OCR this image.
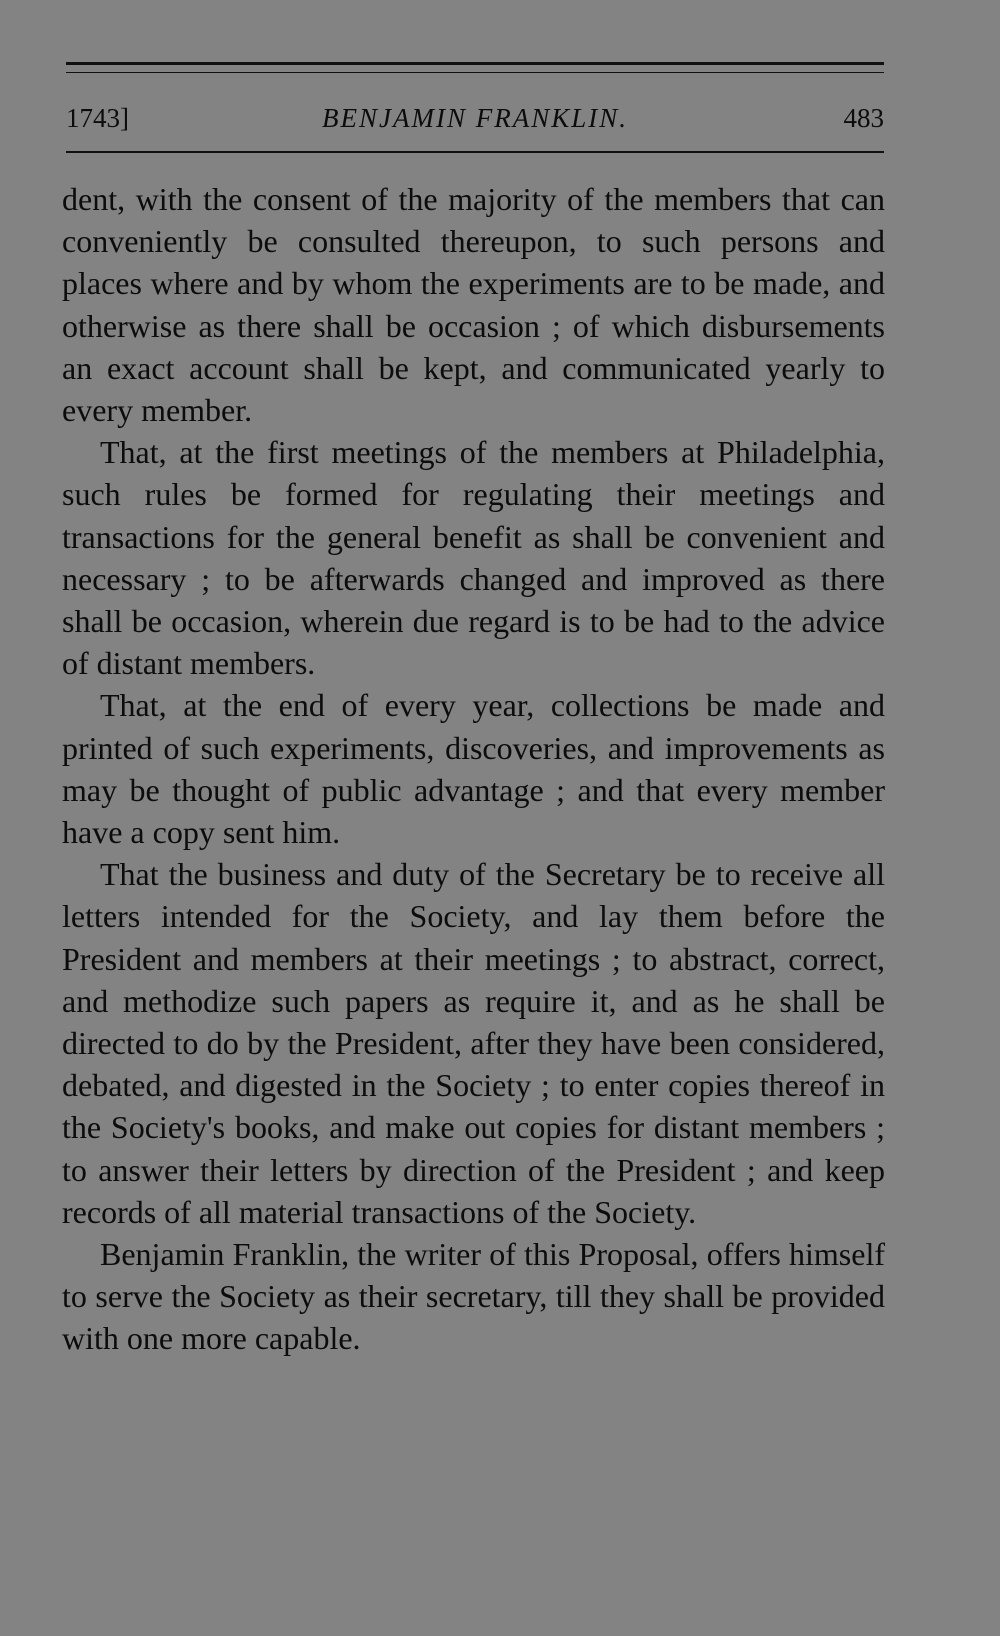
1743]	BENJAMIN FRANKLIN.	483

dent, with the consent of the majority of the members that can conveniently be consulted thereupon, to such persons and places where and by whom the experiments are to be made, and otherwise as there shall be occasion ; of which disbursements an exact account shall be kept, and communicated yearly to every member.

That, at the first meetings of the members at Philadelphia, such rules be formed for regulating their meetings and transactions for the general benefit as shall be convenient and necessary ; to be afterwards changed and improved as there shall be occasion, wherein due regard is to be had to the advice of distant members.

That, at the end of every year, collections be made and printed of such experiments, discoveries, and improvements as may be thought of public advantage ; and that every member have a copy sent him.

That the business and duty of the Secretary be to receive all letters intended for the Society, and lay them before the President and members at their meetings ; to abstract, correct, and methodize such papers as require it, and as he shall be directed to do by the President, after they have been considered, debated, and digested in the Society ; to enter copies thereof in the Society's books, and make out copies for distant members ; to answer their letters by direction of the President ; and keep records of all material transactions of the Society.

Benjamin Franklin, the writer of this Proposal, offers himself to serve the Society as their secretary, till they shall be provided with one more capable.
